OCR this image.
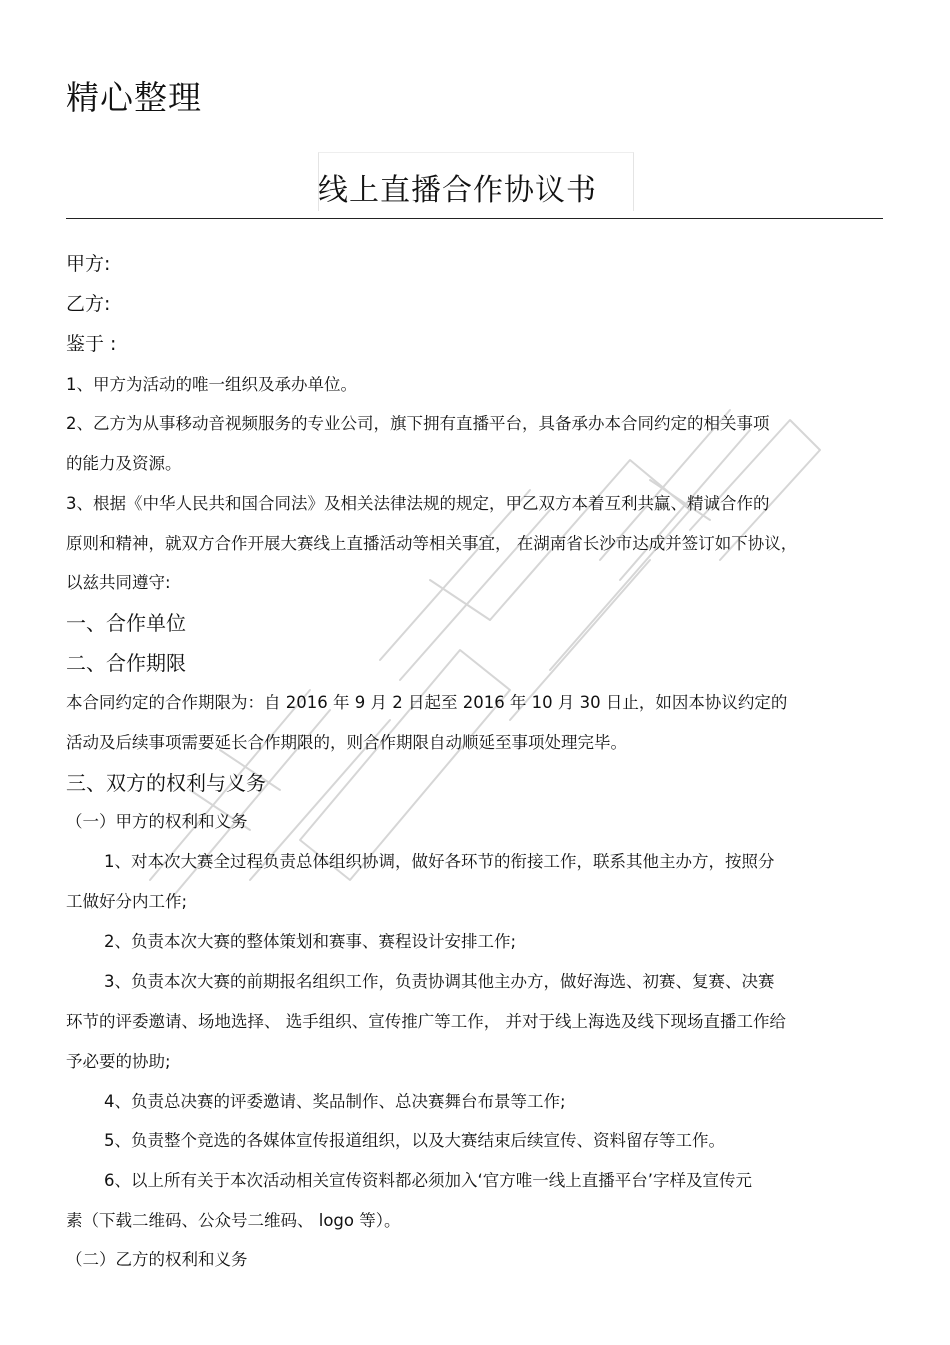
精心整理
线上直播合作协议书
甲方:
乙方:
鉴于 :
1、甲方为活动的唯一组织及承办单位。
2、乙方为从事移动音视频服务的专业公司，旗下拥有直播平台，具备承办本合同约定的相关事项
的能力及资源。
3、根据《中华人民共和国合同法》及相关法律法规的规定，甲乙双方本着互利共赢、精诚合作的
原则和精神，就双方合作开展大赛线上直播活动等相关事宜， 在湖南省长沙市达成并签订如下协议，
以兹共同遵守:
一、合作单位
二、合作期限
本合同约定的合作期限为：自 2016 年 9 月 2 日起至 2016 年 10 月 30 日止，如因本协议约定的
活动及后续事项需要延长合作期限的，则合作期限自动顺延至事项处理完毕。
三、双方的权利与义务
（一）甲方的权利和义务
1、对本次大赛全过程负责总体组织协调，做好各环节的衔接工作，联系其他主办方，按照分
工做好分内工作;
2、负责本次大赛的整体策划和赛事、赛程设计安排工作;
3、负责本次大赛的前期报名组织工作，负责协调其他主办方，做好海选、初赛、复赛、决赛
环节的评委邀请、场地选择、 选手组织、宣传推广等工作， 并对于线上海选及线下现场直播工作给
予必要的协助;
4、负责总决赛的评委邀请、奖品制作、总决赛舞台布景等工作;
5、负责整个竞选的各媒体宣传报道组织，以及大赛结束后续宣传、资料留存等工作。
6、以上所有关于本次活动相关宣传资料都必须加入‘官方唯一线上直播平台’字样及宣传元
素（下载二维码、公众号二维码、 logo 等）。
（二）乙方的权利和义务
